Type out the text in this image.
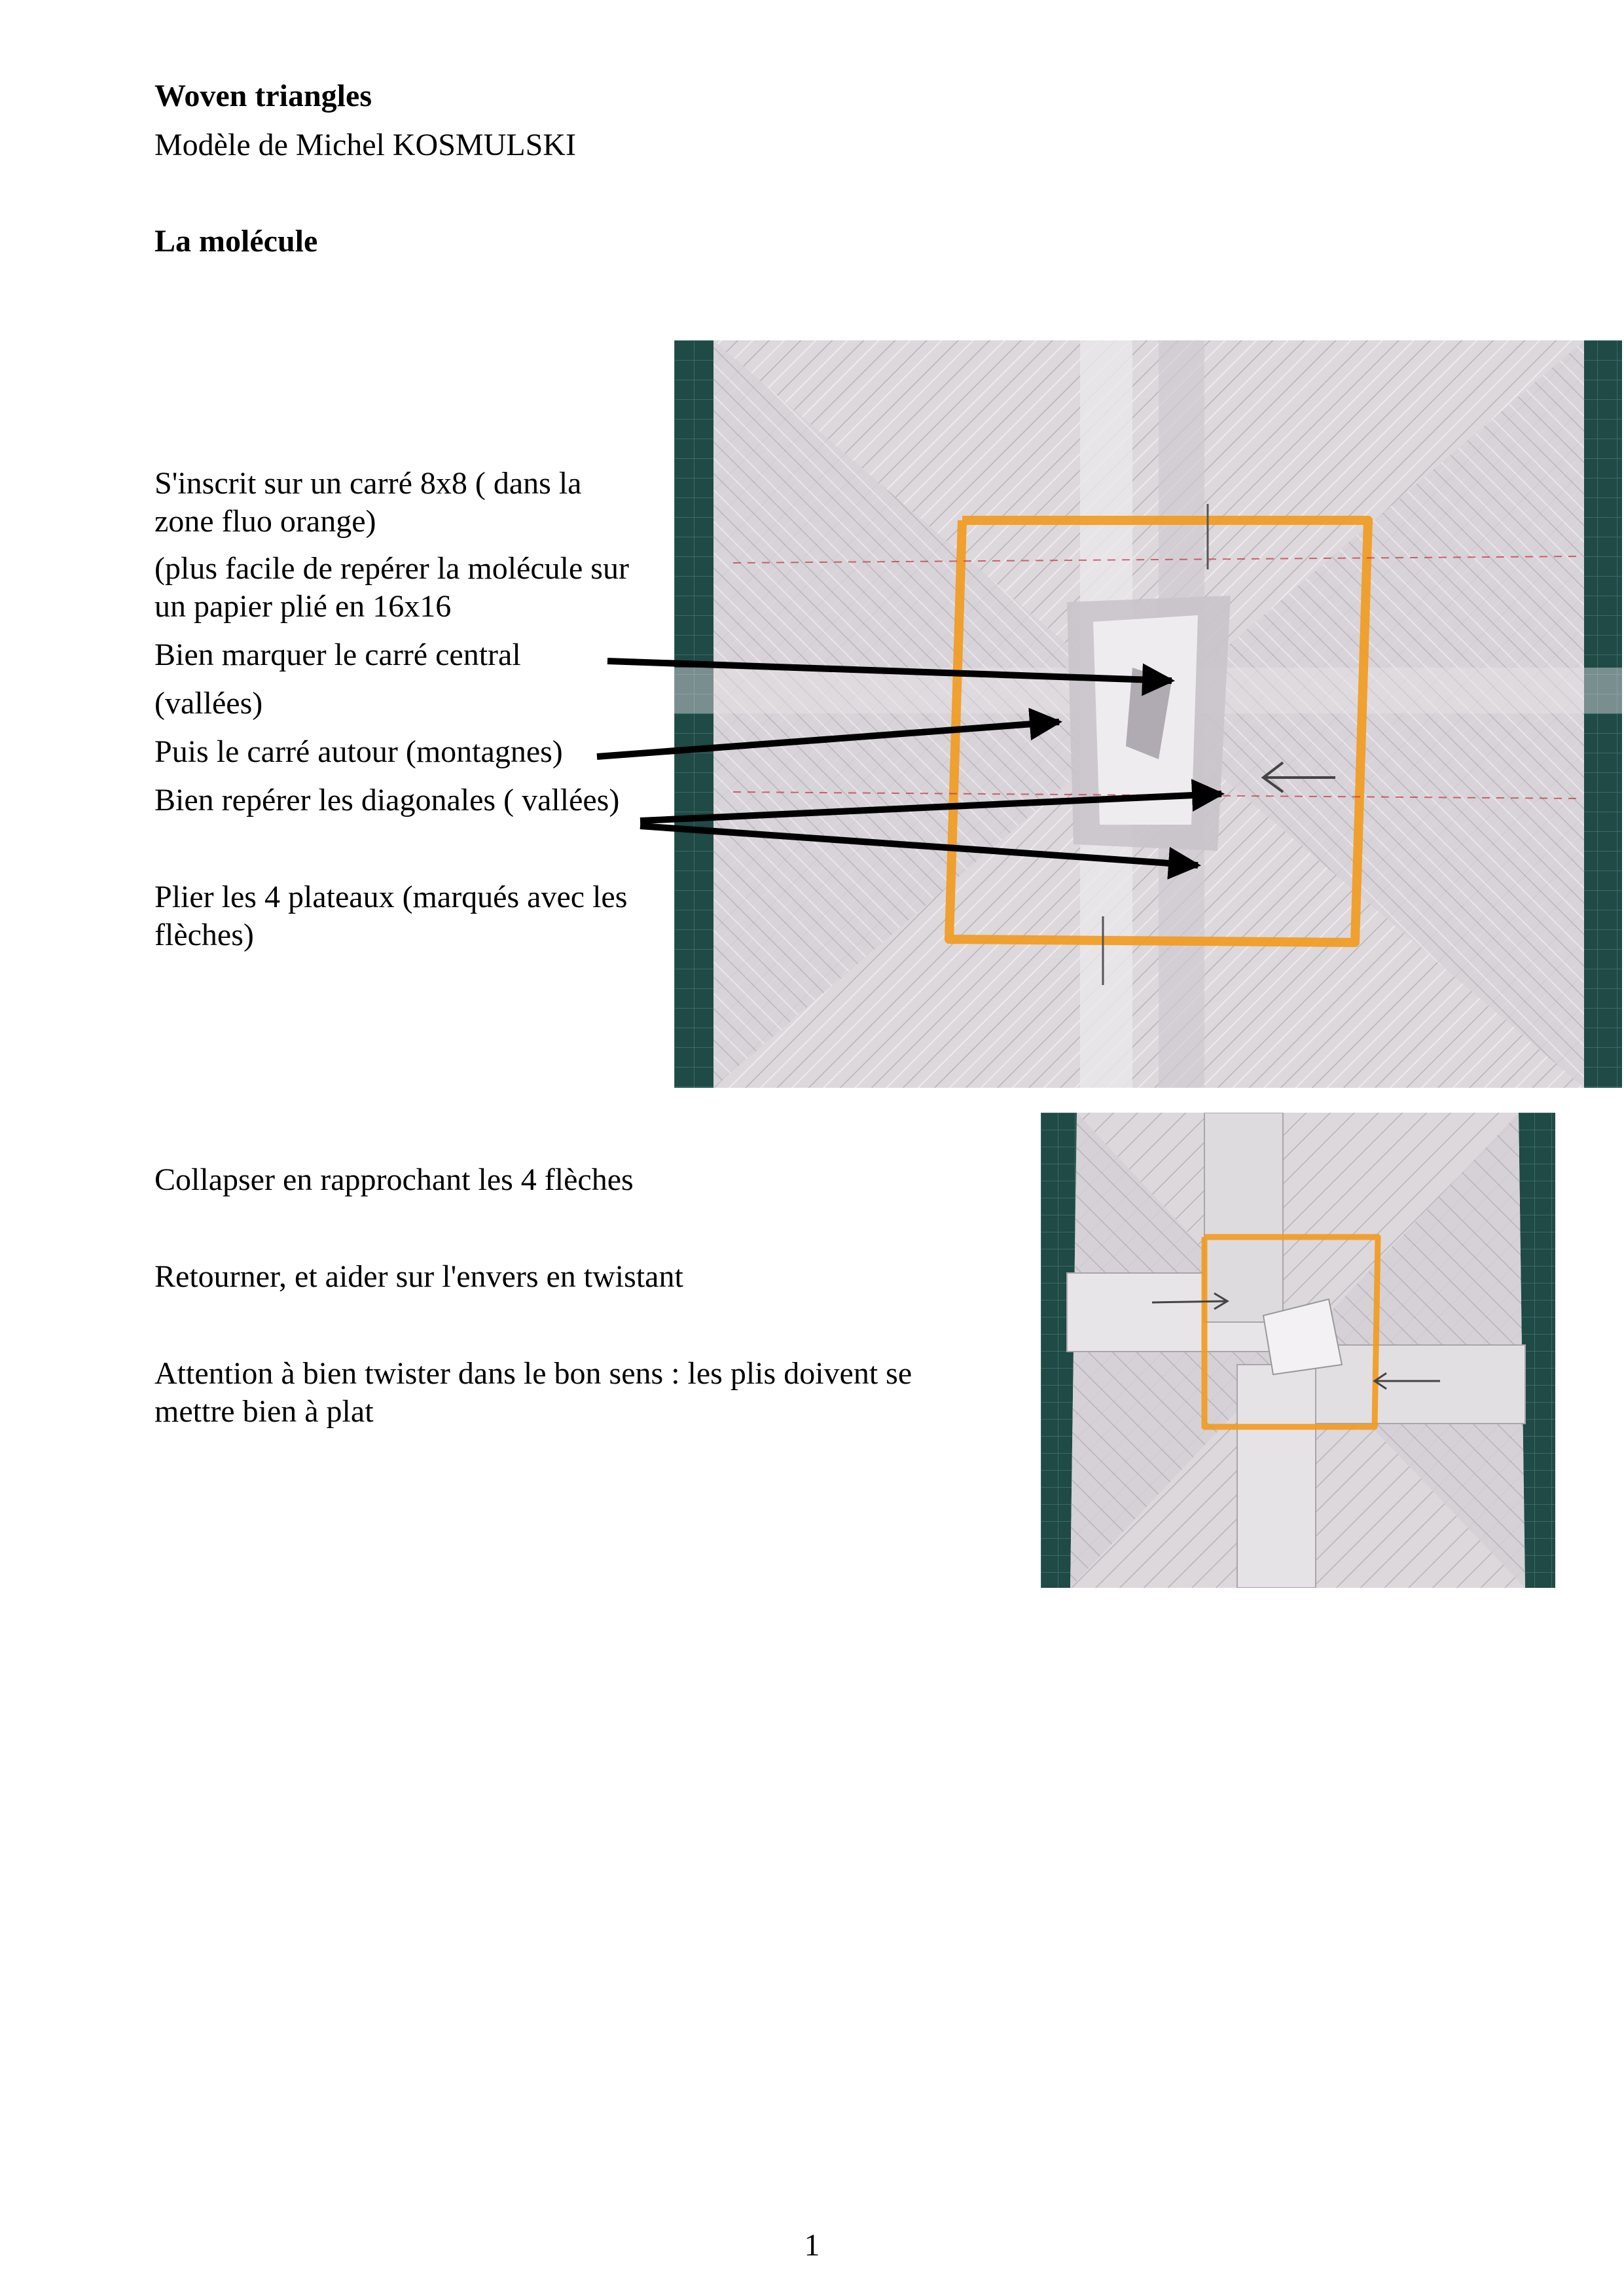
Woven triangles

Modèle de Michel KOSMULSKI

La molécule

S'inscrit sur un carré 8x8 ( dans la

zone fluo orange)

(plus facile de repérer la molécule sur

un papier plié en 16x16

Bien marquer le carré central

(vallées)

Puis le carré autour (montagnes)

Bien repérer les diagonales ( vallées)

Plier les 4 plateaux (marqués avec les

flèches)

Collapser en rapprochant les 4 flèches

Retourner, et aider sur l'envers en twistant

Attention à bien twister dans le bon sens : les plis doivent se

mettre bien à plat

1
